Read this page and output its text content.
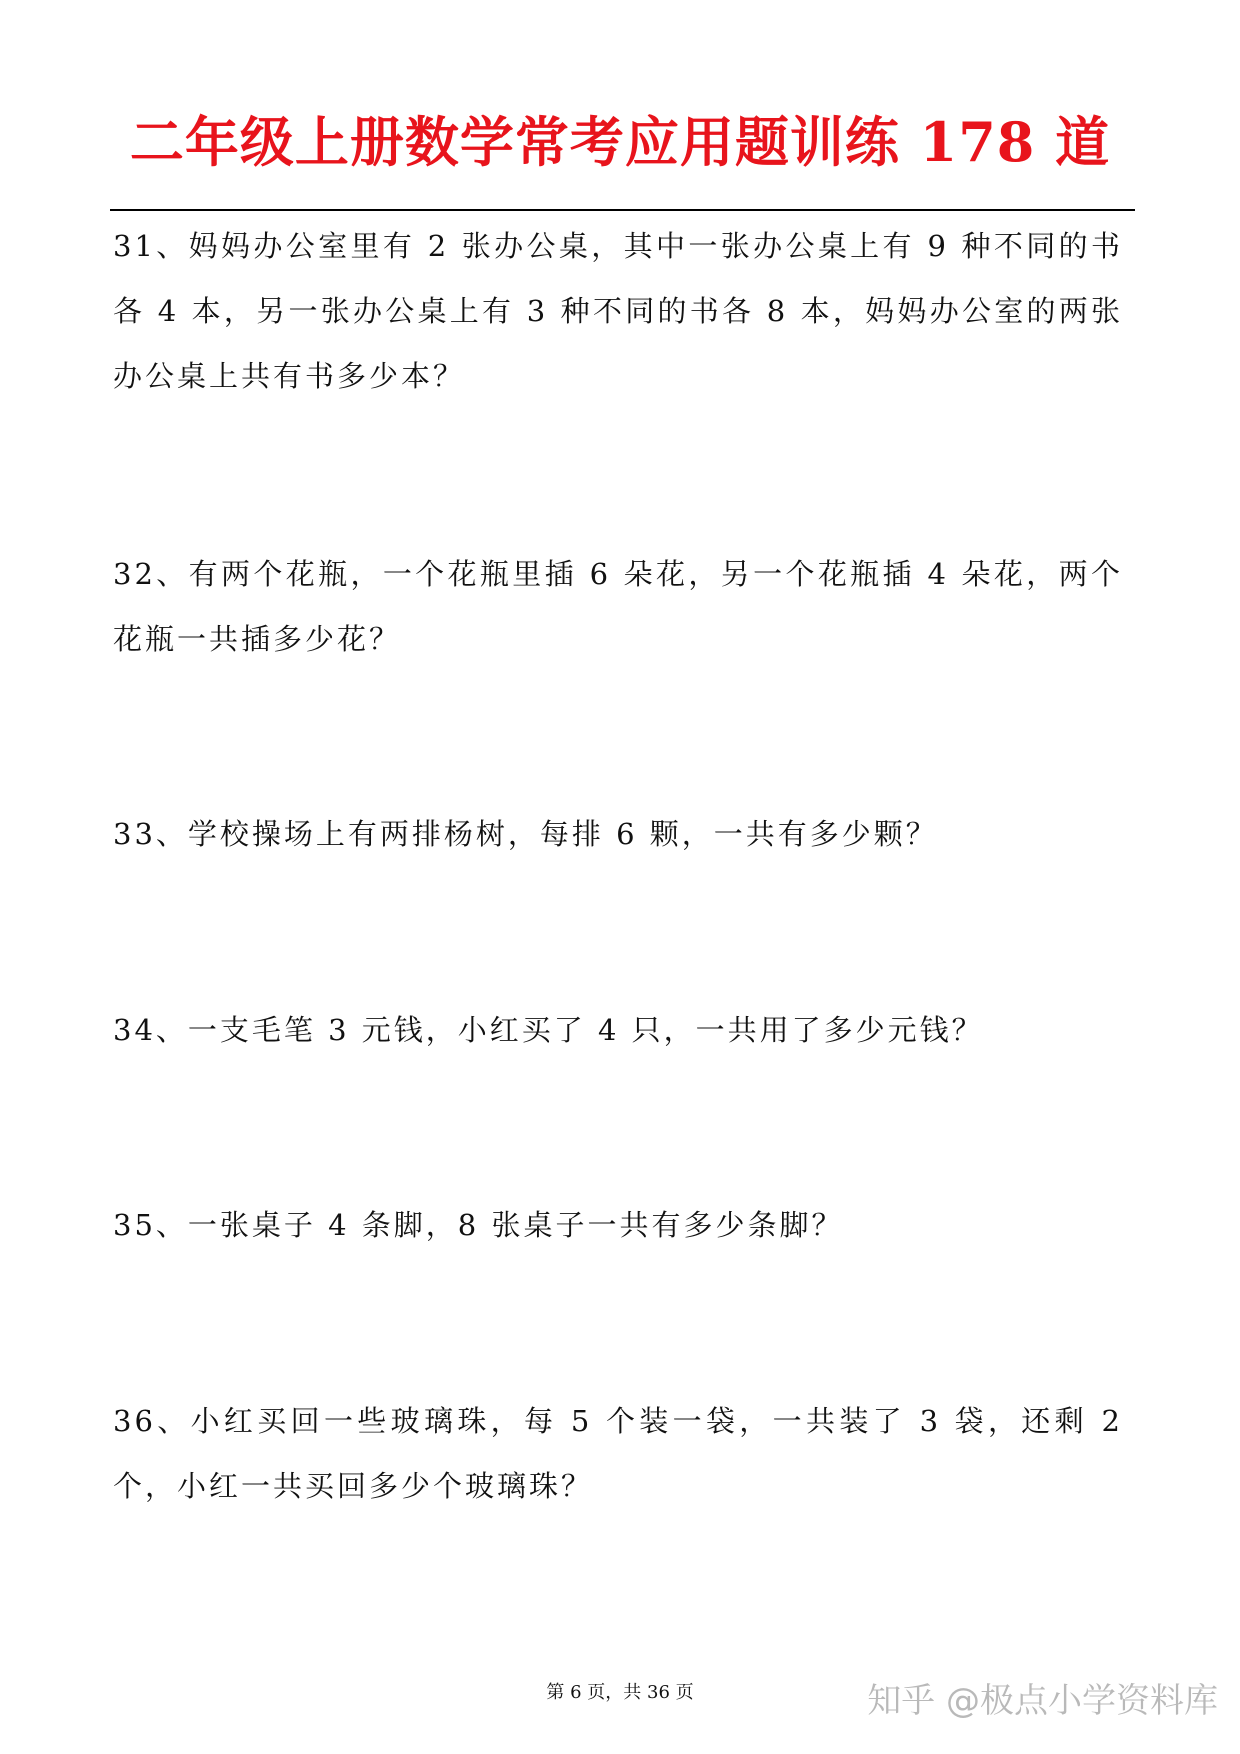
二年级上册数学常考应用题训练 178 道

31、妈妈办公室里有 2 张办公桌，其中一张办公桌上有 9 种不同的书各 4 本，另一张办公桌上有 3 种不同的书各 8 本，妈妈办公室的两张办公桌上共有书多少本？

32、有两个花瓶，一个花瓶里插 6 朵花，另一个花瓶插 4 朵花，两个花瓶一共插多少花？

33、学校操场上有两排杨树，每排 6 颗，一共有多少颗？

34、一支毛笔 3 元钱，小红买了 4 只，一共用了多少元钱？

35、一张桌子 4 条脚，8 张桌子一共有多少条脚？

36、小红买回一些玻璃珠，每 5 个装一袋，一共装了 3 袋，还剩 2 个，小红一共买回多少个玻璃珠？

第 6 页，共 36 页	知乎 @极点小学资料库
